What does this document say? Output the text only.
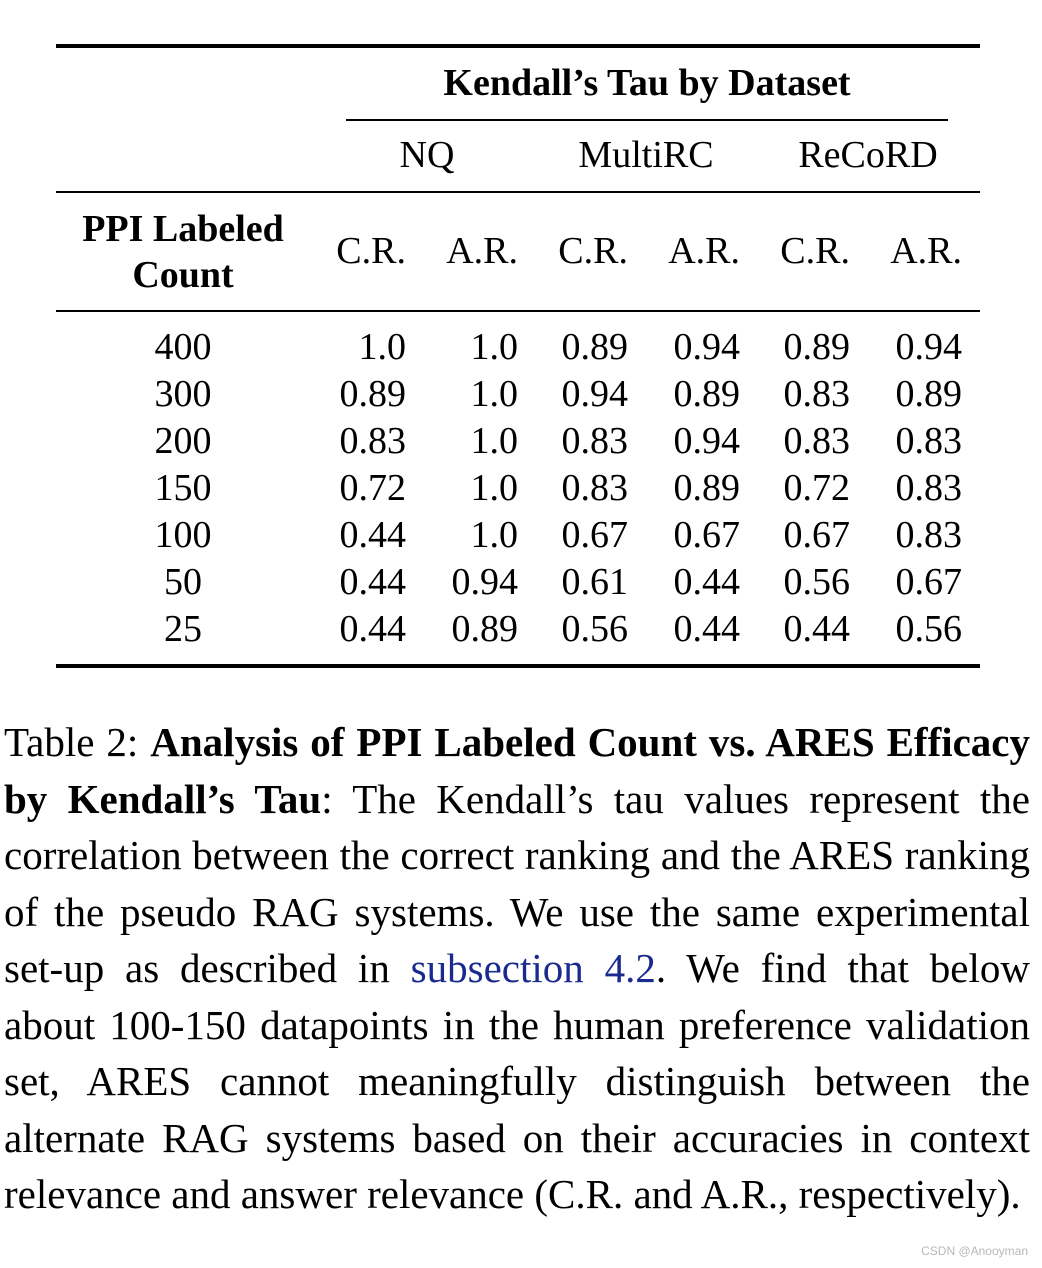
Kendall’s Tau by Dataset
NQ	MultiRC	ReCoRD
PPI Labeled
Count
C.R.	A.R.	C.R.	A.R.	C.R.	A.R.
400	1.0	1.0	0.89	0.94	0.89	0.94
300	0.89	1.0	0.94	0.89	0.83	0.89
200	0.83	1.0	0.83	0.94	0.83	0.83
150	0.72	1.0	0.83	0.89	0.72	0.83
100	0.44	1.0	0.67	0.67	0.67	0.83
50	0.44	0.94	0.61	0.44	0.56	0.67
25	0.44	0.89	0.56	0.44	0.44	0.56
Table 2: Analysis of PPI Labeled Count vs. ARES Efficacy by Kendall’s Tau: The Kendall’s tau values represent the correlation between the correct ranking and the ARES ranking of the pseudo RAG systems. We use the same experimental set-up as described in subsection 4.2. We find that below about 100-150 datapoints in the human preference validation set, ARES cannot meaningfully distinguish between the alternate RAG systems based on their accuracies in context relevance and answer relevance (C.R. and A.R., respectively).
CSDN @Anooyman
